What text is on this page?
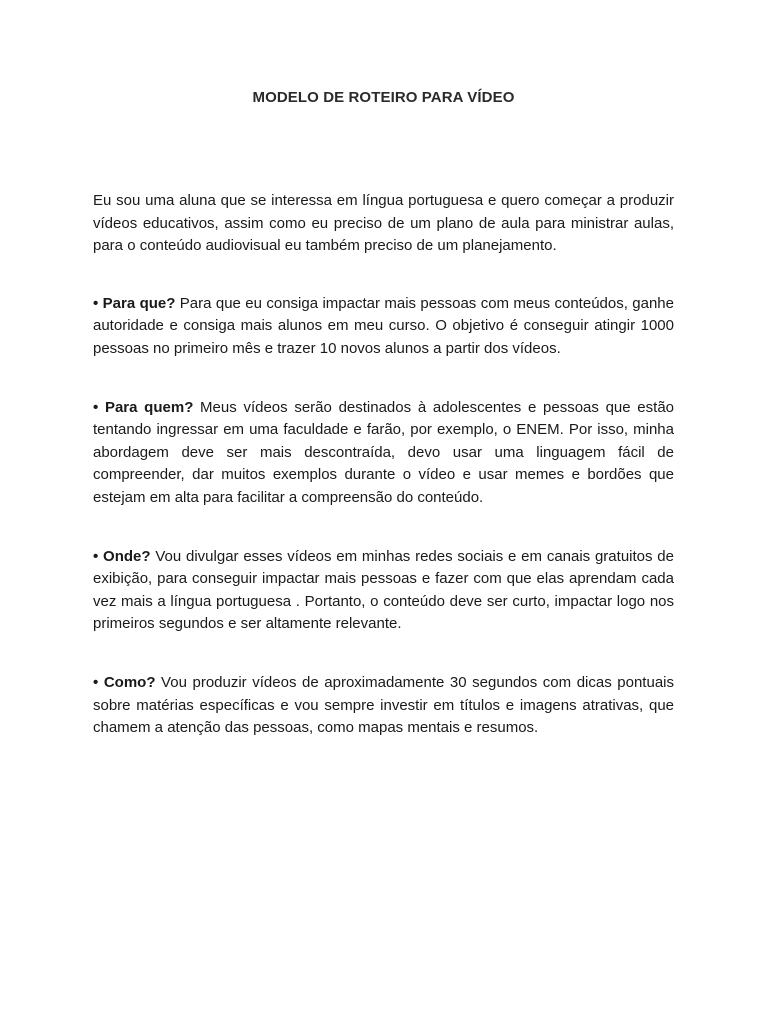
MODELO DE ROTEIRO PARA VÍDEO

Eu sou uma aluna que se interessa em língua portuguesa e quero começar a produzir vídeos educativos, assim como eu preciso de um plano de aula para ministrar aulas, para o conteúdo audiovisual eu também preciso de um planejamento.

• Para que? Para que eu consiga impactar mais pessoas com meus conteúdos, ganhe autoridade e consiga mais alunos em meu curso. O objetivo é conseguir atingir 1000 pessoas no primeiro mês e trazer 10 novos alunos a partir dos vídeos.

• Para quem? Meus vídeos serão destinados à adolescentes e pessoas que estão tentando ingressar em uma faculdade e farão, por exemplo, o ENEM. Por isso, minha abordagem deve ser mais descontraída, devo usar uma linguagem fácil de compreender, dar muitos exemplos durante o vídeo e usar memes e bordões que estejam em alta para facilitar a compreensão do conteúdo.

• Onde? Vou divulgar esses vídeos em minhas redes sociais e em canais gratuitos de exibição, para conseguir impactar mais pessoas e fazer com que elas aprendam cada vez mais a língua portuguesa . Portanto, o conteúdo deve ser curto, impactar logo nos primeiros segundos e ser altamente relevante.

• Como? Vou produzir vídeos de aproximadamente 30 segundos com dicas pontuais sobre matérias específicas e vou sempre investir em títulos e imagens atrativas, que chamem a atenção das pessoas, como mapas mentais e resumos.
